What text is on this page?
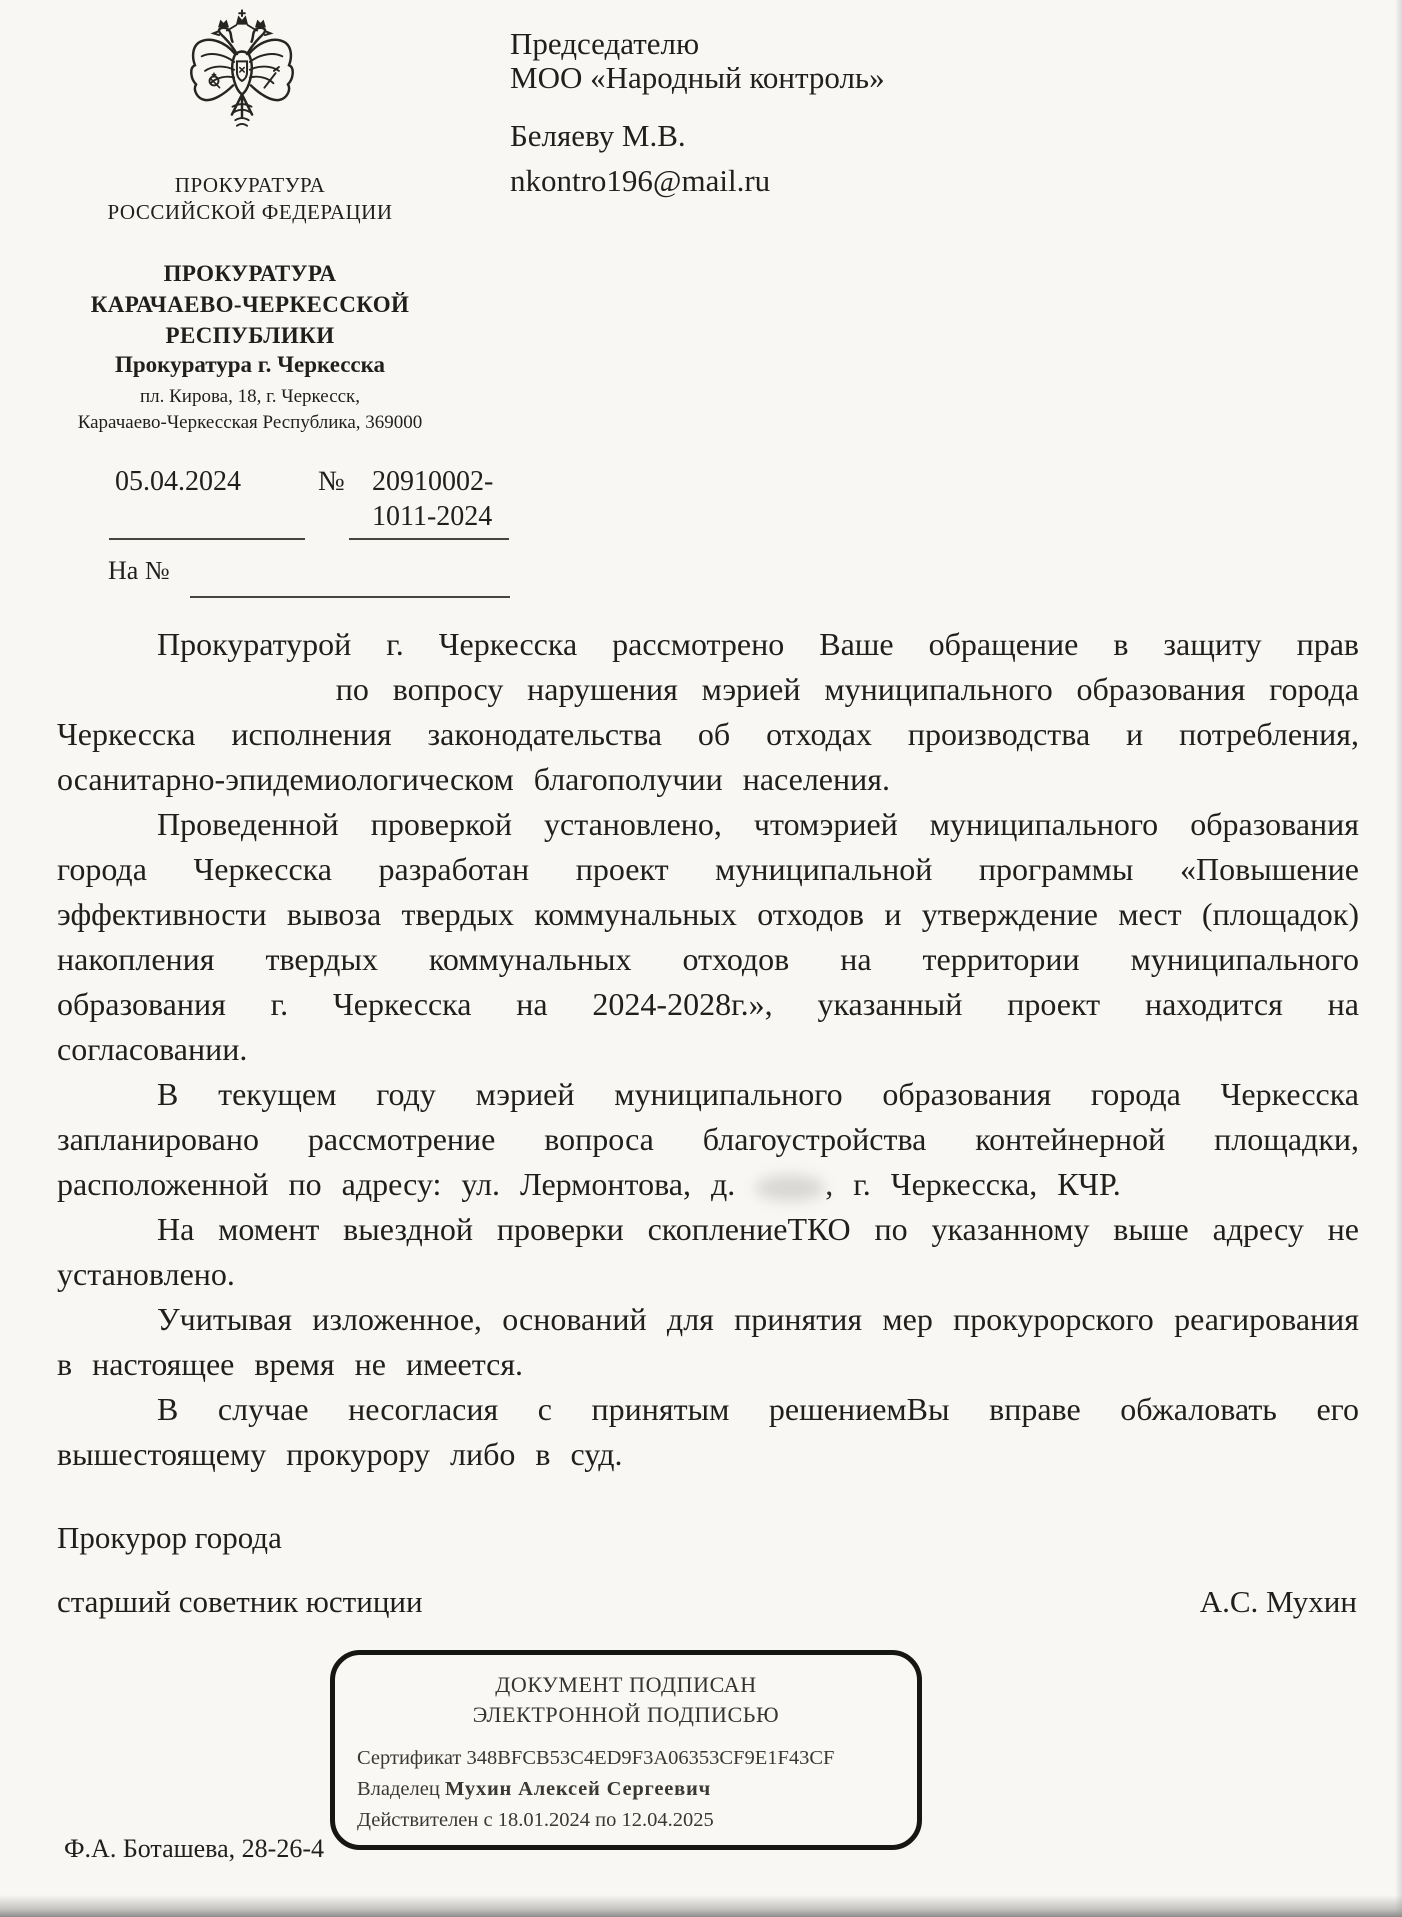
ПРОКУРАТУРА
РОССИЙСКОЙ ФЕДЕРАЦИИ
ПРОКУРАТУРА
КАРАЧАЕВО-ЧЕРКЕССКОЙ
РЕСПУБЛИКИ
Прокуратура г. Черкесска
пл. Кирова, 18, г. Черкесск,
Карачаево-Черкесская Республика, 369000
05.04.2024	№ 20910002-
1011-2024
На №
Председателю
МОО «Народный контроль»
Беляеву М.В.
nkontro196@mail.ru

Прокуратурой г. Черкесска рассмотрено Ваше обращение в защиту прав  по вопросу нарушения мэрией муниципального образования города Черкесска исполнения законодательства об отходах производства и потребления, осанитарно-эпидемиологическом благополучии населения.

Проведенной проверкой установлено, чтомэрией муниципального образования города Черкесска разработан проект муниципальной программы «Повышение эффективности вывоза твердых коммунальных отходов и утверждение мест (площадок) накопления твердых коммунальных отходов на территории муниципального образования г. Черкесска на 2024-2028г.», указанный проект находится на согласовании.

В текущем году мэрией муниципального образования города Черкесска запланировано рассмотрение вопроса благоустройства контейнерной площадки, расположенной по адресу: ул. Лермонтова, д. , г. Черкесска, КЧР.

На момент выездной проверки скоплениеТКО по указанному выше адресу не установлено.

Учитывая изложенное, оснований для принятия мер прокурорского реагирования в настоящее время не имеется.

В случае несогласия с принятым решениемВы вправе обжаловать его вышестоящему прокурору либо в суд.

Прокурор города
старший советник юстиции	А.С. Мухин
ДОКУМЕНТ ПОДПИСАН
ЭЛЕКТРОННОЙ ПОДПИСЬЮ
Сертификат 348BFCB53C4ED9F3A06353CF9E1F43CF
Владелец Мухин Алексей Сергеевич
Действителен с 18.01.2024 по 12.04.2025
Ф.А. Боташева, 28-26-4
